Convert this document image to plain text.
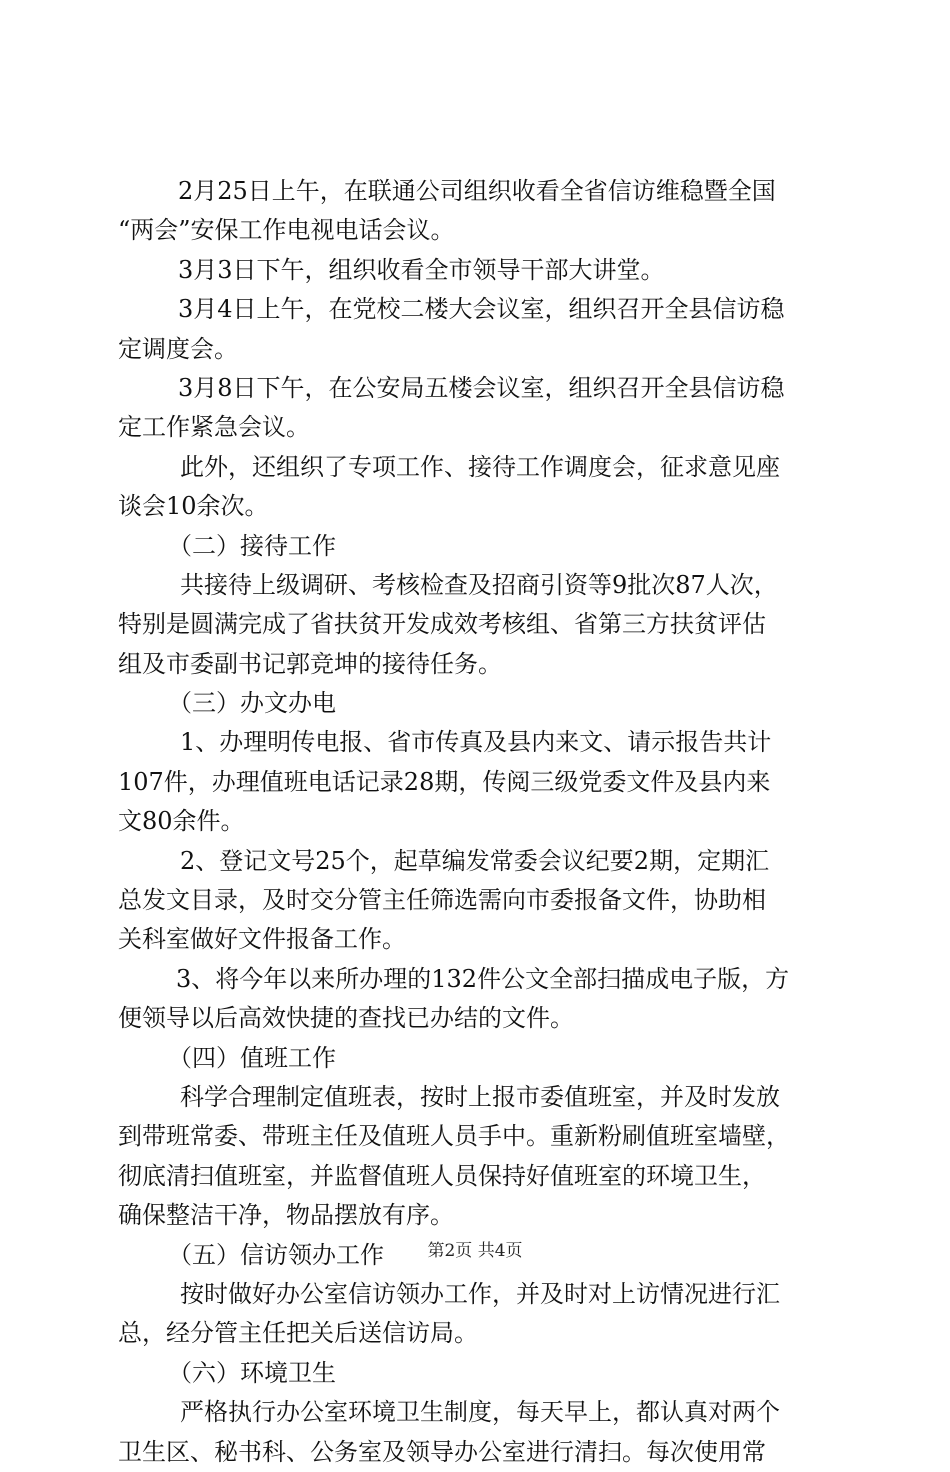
2月25日上午，在联通公司组织收看全省信访维稳暨全国
“两会”安保工作电视电话会议。
3月3日下午，组织收看全市领导干部大讲堂。
3月4日上午，在党校二楼大会议室，组织召开全县信访稳
定调度会。
3月8日下午，在公安局五楼会议室，组织召开全县信访稳
定工作紧急会议。
此外，还组织了专项工作、接待工作调度会，征求意见座
谈会10余次。
（二）接待工作
共接待上级调研、考核检查及招商引资等9批次87人次，
特别是圆满完成了省扶贫开发成效考核组、省第三方扶贫评估
组及市委副书记郭竞坤的接待任务。
（三）办文办电
1、办理明传电报、省市传真及县内来文、请示报告共计
107件，办理值班电话记录28期，传阅三级党委文件及县内来
文80余件。
2、登记文号25个，起草编发常委会议纪要2期，定期汇
总发文目录，及时交分管主任筛选需向市委报备文件，协助相
关科室做好文件报备工作。
3、将今年以来所办理的132件公文全部扫描成电子版，方
便领导以后高效快捷的查找已办结的文件。
（四）值班工作
科学合理制定值班表，按时上报市委值班室，并及时发放
到带班常委、带班主任及值班人员手中。重新粉刷值班室墙壁，
彻底清扫值班室，并监督值班人员保持好值班室的环境卫生，
确保整洁干净，物品摆放有序。
（五）信访领办工作
按时做好办公室信访领办工作，并及时对上访情况进行汇
总，经分管主任把关后送信访局。
（六）环境卫生
严格执行办公室环境卫生制度，每天早上，都认真对两个
卫生区、秘书科、公务室及领导办公室进行清扫。每次使用常
第2页 共4页
